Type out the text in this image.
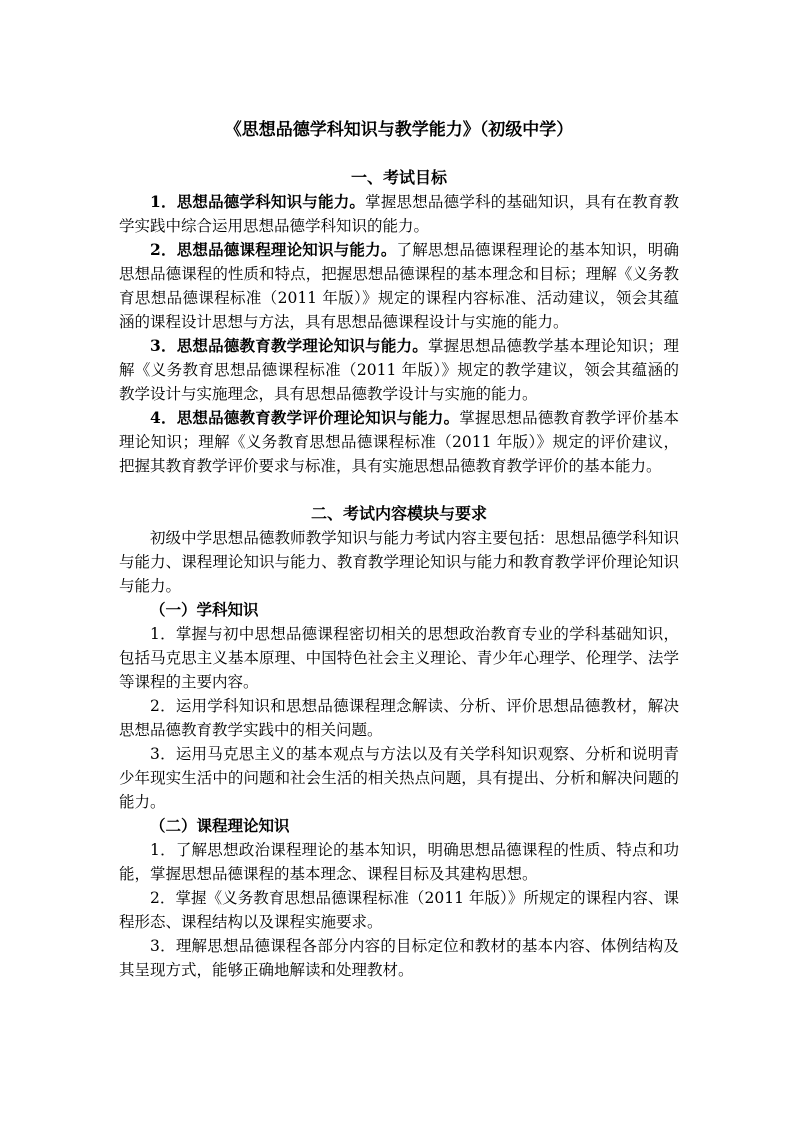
《思想品德学科知识与教学能力》（初级中学）
一、考试目标

1．思想品德学科知识与能力。掌握思想品德学科的基础知识，具有在教育教学实践中综合运用思想品德学科知识的能力。

2．思想品德课程理论知识与能力。了解思想品德课程理论的基本知识，明确思想品德课程的性质和特点，把握思想品德课程的基本理念和目标；理解《义务教育思想品德课程标准（2011 年版）》规定的课程内容标准、活动建议，领会其蕴涵的课程设计思想与方法，具有思想品德课程设计与实施的能力。

3．思想品德教育教学理论知识与能力。掌握思想品德教学基本理论知识；理解《义务教育思想品德课程标准（2011 年版）》规定的教学建议，领会其蕴涵的教学设计与实施理念，具有思想品德教学设计与实施的能力。

4．思想品德教育教学评价理论知识与能力。掌握思想品德教育教学评价基本理论知识；理解《义务教育思想品德课程标准（2011 年版）》规定的评价建议，把握其教育教学评价要求与标准，具有实施思想品德教育教学评价的基本能力。

二、考试内容模块与要求

初级中学思想品德教师教学知识与能力考试内容主要包括：思想品德学科知识与能力、课程理论知识与能力、教育教学理论知识与能力和教育教学评价理论知识与能力。

（一）学科知识

1．掌握与初中思想品德课程密切相关的思想政治教育专业的学科基础知识，包括马克思主义基本原理、中国特色社会主义理论、青少年心理学、伦理学、法学等课程的主要内容。

2．运用学科知识和思想品德课程理念解读、分析、评价思想品德教材，解决思想品德教育教学实践中的相关问题。

3．运用马克思主义的基本观点与方法以及有关学科知识观察、分析和说明青少年现实生活中的问题和社会生活的相关热点问题，具有提出、分析和解决问题的能力。

（二）课程理论知识

1．了解思想政治课程理论的基本知识，明确思想品德课程的性质、特点和功能，掌握思想品德课程的基本理念、课程目标及其建构思想。

2．掌握《义务教育思想品德课程标准（2011 年版）》所规定的课程内容、课程形态、课程结构以及课程实施要求。

3．理解思想品德课程各部分内容的目标定位和教材的基本内容、体例结构及其呈现方式，能够正确地解读和处理教材。
